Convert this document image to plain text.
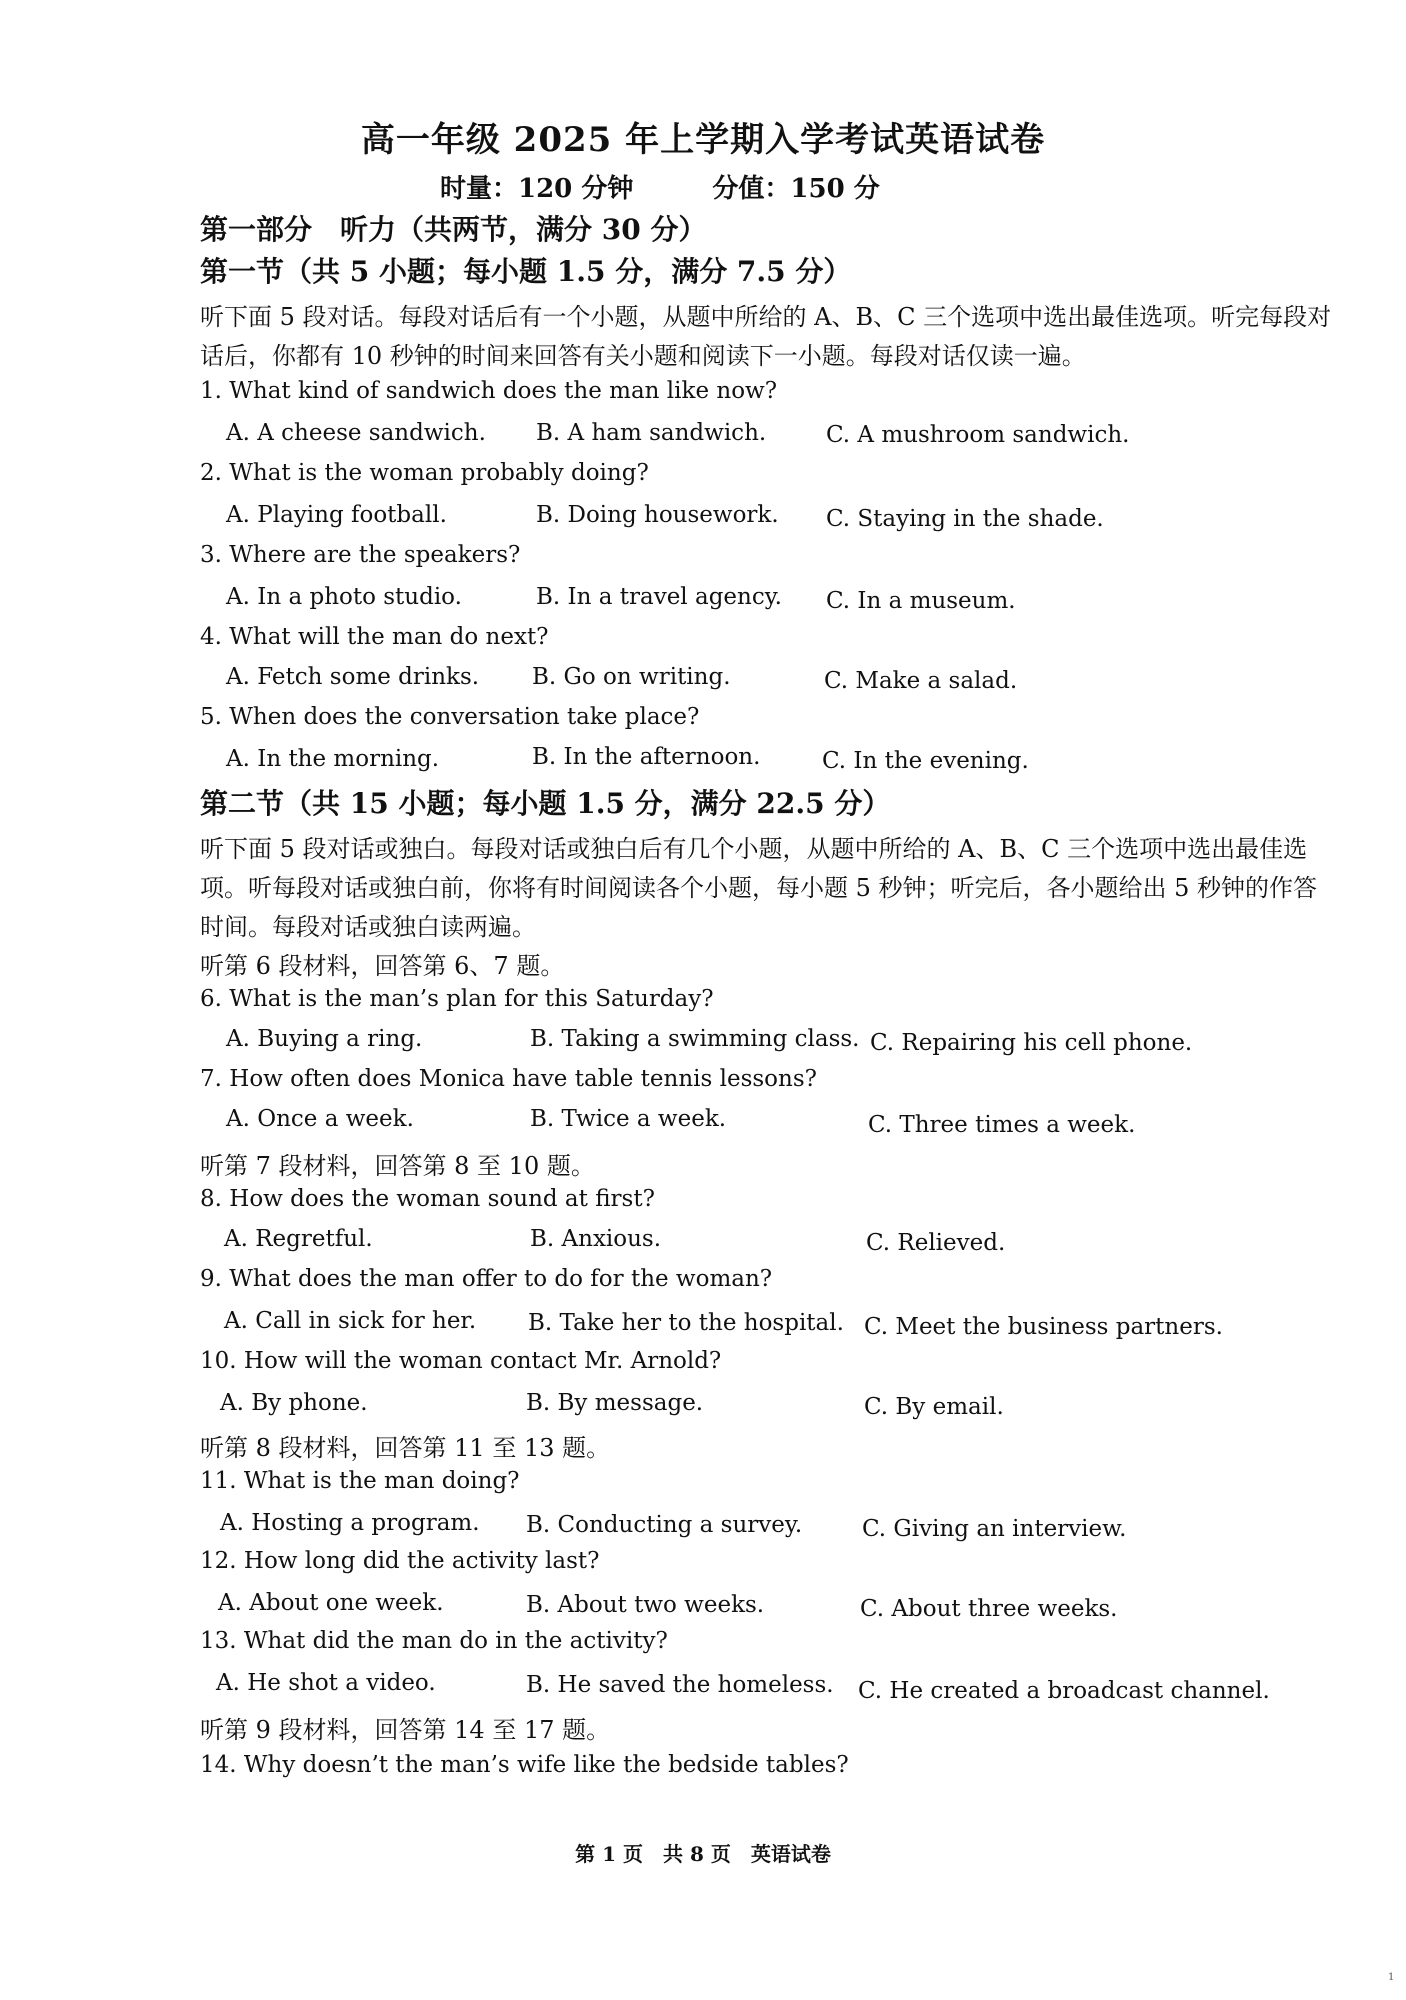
高一年级 2025 年上学期入学考试英语试卷
时量：120 分钟	分值：150 分
第一部分　听力（共两节，满分 30 分）
第一节（共 5 小题；每小题 1.5 分，满分 7.5 分）
听下面 5 段对话。每段对话后有一个小题，从题中所给的 A、B、C 三个选项中选出最佳选项。听完每段对
话后，你都有 10 秒钟的时间来回答有关小题和阅读下一小题。每段对话仅读一遍。
1. What kind of sandwich does the man like now?
A. A cheese sandwich. B. A ham sandwich.	C. A mushroom sandwich.
2. What is the woman probably doing?
A. Playing football.	B. Doing housework. C. Staying in the shade.
3. Where are the speakers?
A. In a photo studio.	B. In a travel agency. C. In a museum.
4. What will the man do next?
A. Fetch some drinks. B. Go on writing.	C. Make a salad.
5. When does the conversation take place?
A. In the morning.	B. In the afternoon.	C. In the evening.
第二节（共 15 小题；每小题 1.5 分，满分 22.5 分）
听下面 5 段对话或独白。每段对话或独白后有几个小题，从题中所给的 A、B、C 三个选项中选出最佳选
项。听每段对话或独白前，你将有时间阅读各个小题，每小题 5 秒钟；听完后，各小题给出 5 秒钟的作答
时间。每段对话或独白读两遍。
听第 6 段材料，回答第 6、7 题。
6. What is the man’s plan for this Saturday?
A. Buying a ring.	B. Taking a swimming class. C. Repairing his cell phone.
7. How often does Monica have table tennis lessons?
A. Once a week.	B. Twice a week.	C. Three times a week.
听第 7 段材料，回答第 8 至 10 题。
8. How does the woman sound at first?
A. Regretful.	B. Anxious.	C. Relieved.
9. What does the man offer to do for the woman?
A. Call in sick for her. B. Take her to the hospital. C. Meet the business partners.
10. How will the woman contact Mr. Arnold?
A. By phone.	B. By message.	C. By email.
听第 8 段材料，回答第 11 至 13 题。
11. What is the man doing?
A. Hosting a program. B. Conducting a survey.	C. Giving an interview.
12. How long did the activity last?
A. About one week.	B. About two weeks.	C. About three weeks.
13. What did the man do in the activity?
A. He shot a video.	B. He saved the homeless. C. He created a broadcast channel.
听第 9 段材料，回答第 14 至 17 题。
14. Why doesn’t the man’s wife like the bedside tables?
第 1 页　共 8 页　英语试卷
1
